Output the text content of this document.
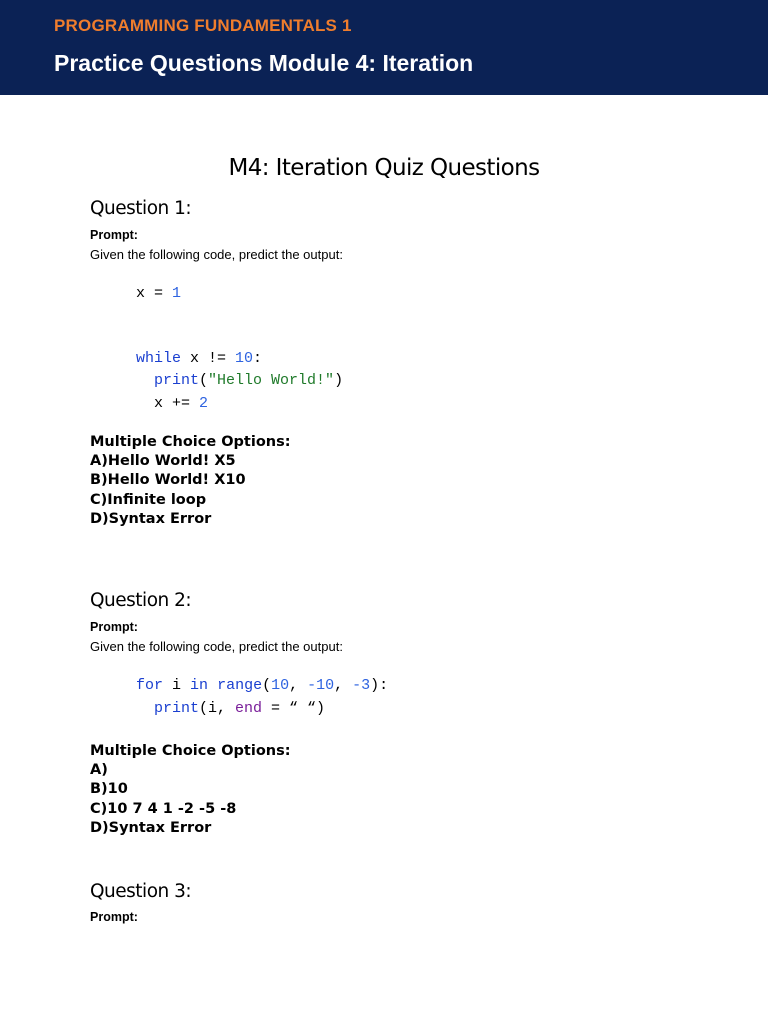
PROGRAMMING FUNDAMENTALS 1
Practice Questions Module 4: Iteration
M4: Iteration Quiz Questions
Question 1:
Prompt:
Given the following code, predict the output:
x = 1
while x != 10:
print("Hello World!")
x += 2
Multiple Choice Options:
A)Hello World! X5
B)Hello World! X10
C)Infinite loop
D)Syntax Error
Question 2:
Prompt:
Given the following code, predict the output:
for i in range(10, -10, -3):
print(i, end = “ “)
Multiple Choice Options:
A)
B)10
C)10 7 4 1 -2 -5 -8
D)Syntax Error
Question 3:
Prompt:
